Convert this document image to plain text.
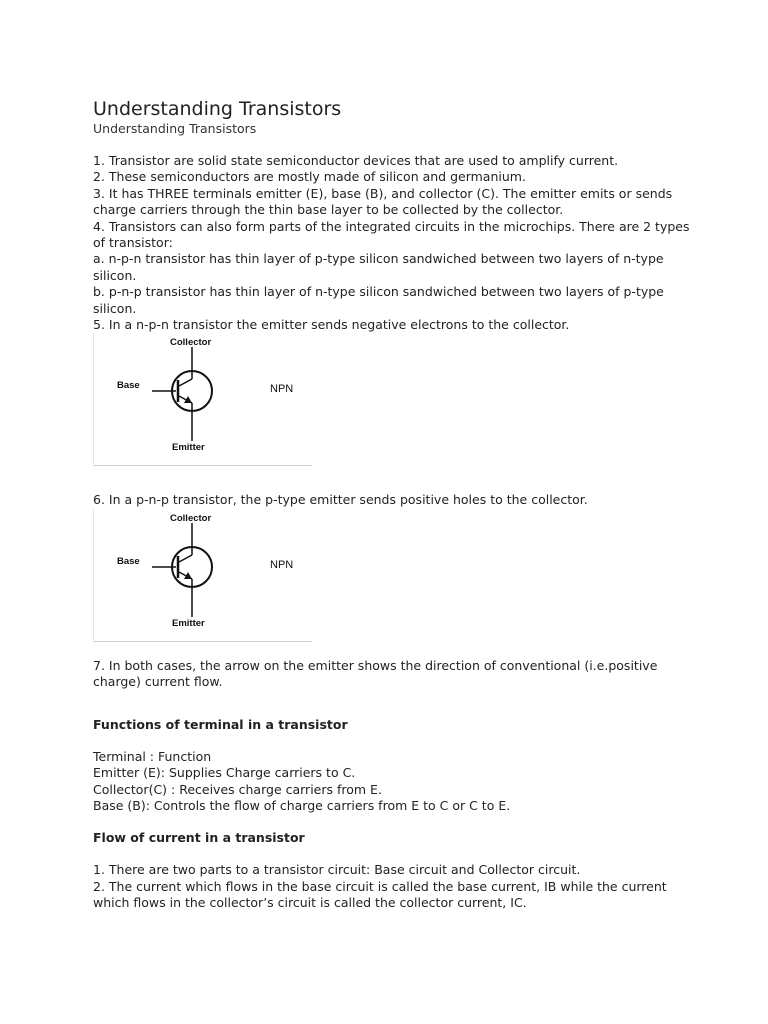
Understanding Transistors

Understanding Transistors

1. Transistor are solid state semiconductor devices that are used to amplify current.

2. These semiconductors are mostly made of silicon and germanium.

3. It has THREE terminals emitter (E), base (B), and collector (C). The emitter emits or sends charge carriers through the thin base layer to be collected by the collector.

4. Transistors can also form parts of the integrated circuits in the microchips. There are 2 types of transistor:

a. n-p-n transistor has thin layer of p-type silicon sandwiched between two layers of n-type silicon.

b. p-n-p transistor has thin layer of n-type silicon sandwiched between two layers of p-type silicon.

5. In a n-p-n transistor the emitter sends negative electrons to the collector.

Collector
Base
Emitter
NPN

6. In a p-n-p transistor, the p-type emitter sends positive holes to the collector.

Collector
Base
Emitter
NPN

7. In both cases, the arrow on the emitter shows the direction of conventional (i.e.positive charge) current flow.

Functions of terminal in a transistor

Terminal : Function

Emitter (E): Supplies Charge carriers to C.

Collector(C) : Receives charge carriers from E.

Base (B): Controls the flow of charge carriers from E to C or C to E.

Flow of current in a transistor

1. There are two parts to a transistor circuit: Base circuit and Collector circuit.

2. The current which flows in the base circuit is called the base current, IB while the current which flows in the collector’s circuit is called the collector current, IC.
